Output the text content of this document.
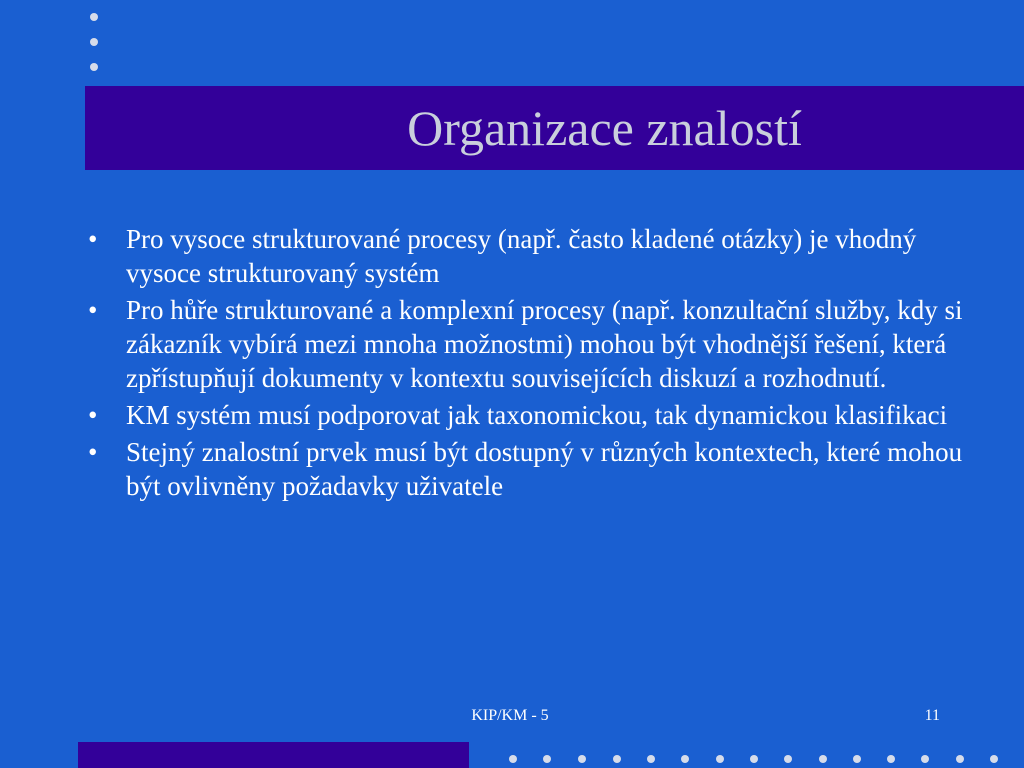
Organizace znalostí
• Pro vysoce strukturované procesy (např. často kladené otázky) je vhodný vysoce strukturovaný systém
• Pro hůře strukturované a komplexní procesy (např. konzultační služby, kdy si zákazník vybírá mezi mnoha možnostmi) mohou být vhodnější řešení, která zpřístupňují dokumenty v kontextu souvisejících diskuzí a rozhodnutí.
• KM systém musí podporovat jak taxonomickou, tak dynamickou klasifikaci
• Stejný znalostní prvek musí být dostupný v různých kontextech, které mohou být ovlivněny požadavky uživatele
KIP/KM - 5	11
